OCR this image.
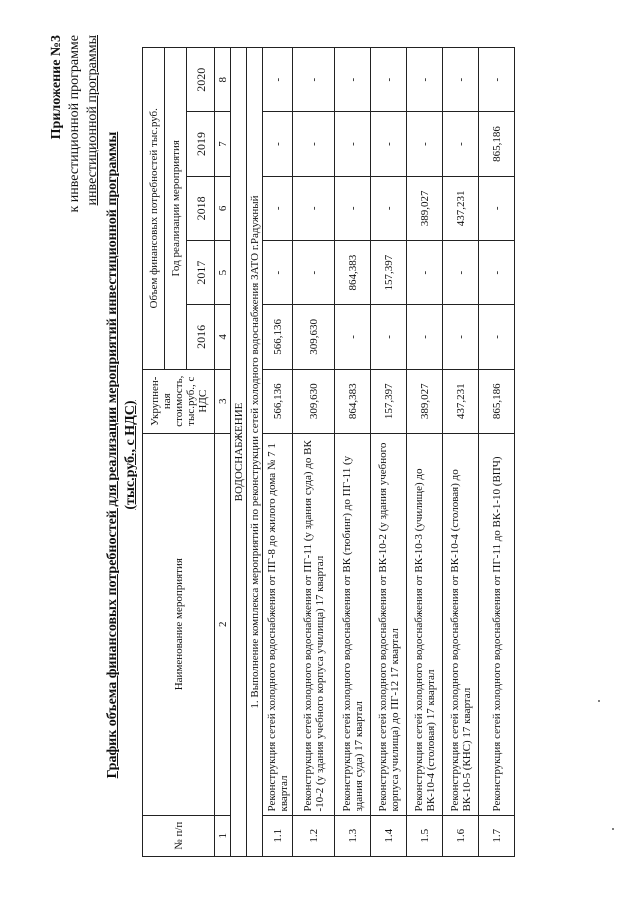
Приложение №3 к инвестиционной программе инвестиционной программы
График объема финансовых потребностей для реализации мероприятий инвестиционной программы (тыс.руб., с НДС)
№ п/п	Наименование мероприятия	Укрупнен-ная стоимость, тыс.руб., с НДС	Объем финансовых потребностей тыс.руб.				
			Год реализации мероприятия				
			2016	2017	2018	2019	2020
1	2	3	4	5	6	7	8
ВОДОСНАБЖЕНИЕ							
1. Выполнение комплекса мероприятий по реконструкции сетей холодного водоснабжения ЗАТО г.Радужный							
1.1	Реконструкция сетей холодного водоснабжения от ПГ-8 до жилого дома № 7 1 квартал	566,136	566,136	-	-	-	-
1.2	Реконструкция сетей холодного водоснабжения от ПГ-11 (у здания суда) до ВК -10-2 (у здания учебного корпуса училища) 17 квартал	309,630	309,630	-	-	-	-
1.3	Реконструкция сетей холодного водоснабжения от ВК (тюбинг) до ПГ-11 (у здания суда) 17 квартал	864,383	-	864,383	-	-	-
1.4	Реконструкция сетей холодного водоснабжения от ВК-10-2 (у здания учебного корпуса училища) до ПГ-12 17 квартал	157,397	-	157,397	-	-	-
1.5	Реконструкция сетей холодного водоснабжения от ВК-10-3 (училище) до ВК-10-4 (столовая) 17 квартал	389,027	-	-	389,027	-	-
1.6	Реконструкция сетей холодного водоснабжения от ВК-10-4 (столовая) до ВК-10-5 (КНС) 17 квартал	437,231	-	-	437,231	-	-
1.7	Реконструкция сетей холодного водоснабжения от ПГ-11 до ВК-1-10 (ВПЧ)	865,186	-	-	-	865,186	-
